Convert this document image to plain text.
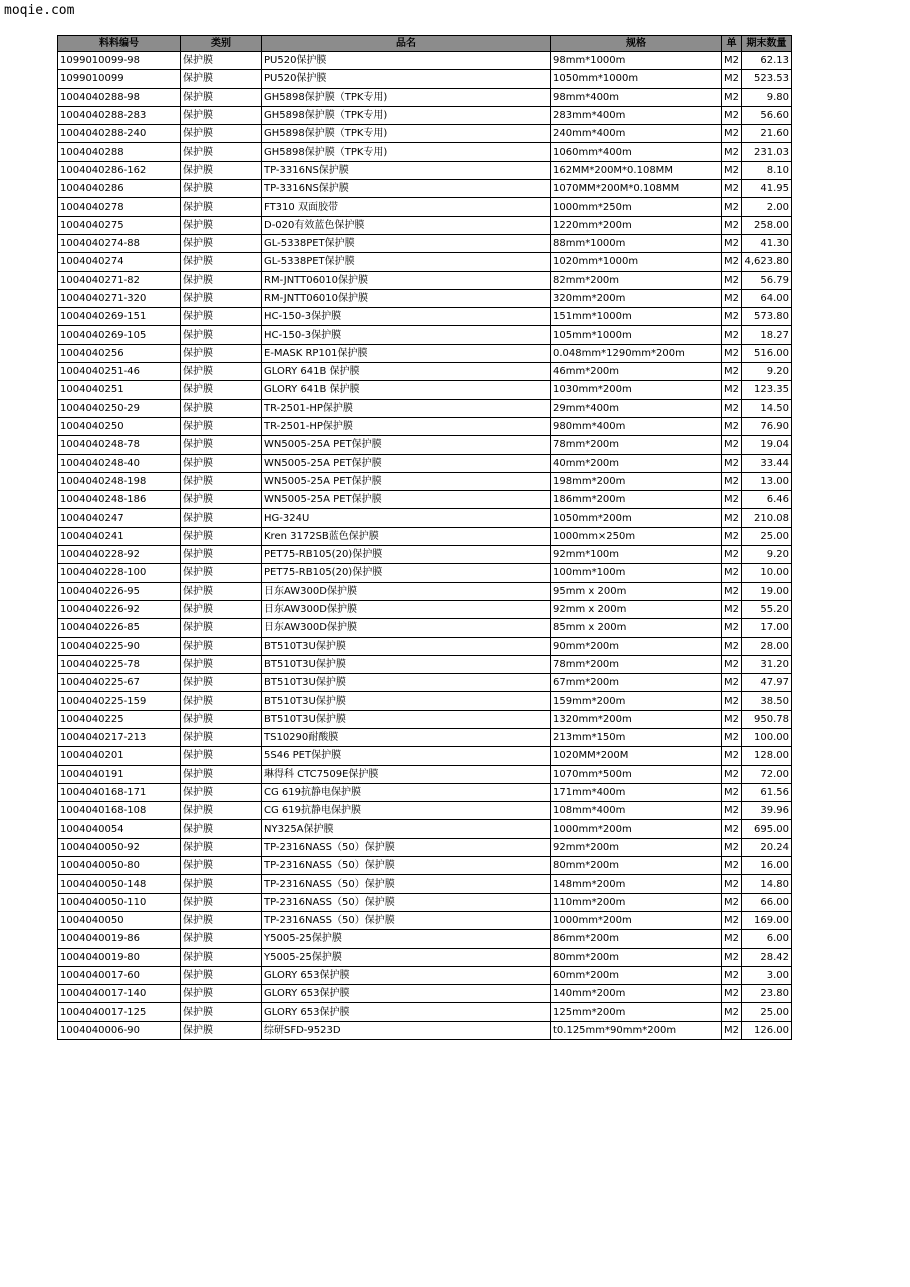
moqie.com
料料编号	类别	品名	规格	单	期末数量
1099010099-98	保护膜	PU520保护膜	98mm*1000m	M2	62.13
1099010099	保护膜	PU520保护膜	1050mm*1000m	M2	523.53
1004040288-98	保护膜	GH5898保护膜（TPK专用)	98mm*400m	M2	9.80
1004040288-283	保护膜	GH5898保护膜（TPK专用)	283mm*400m	M2	56.60
1004040288-240	保护膜	GH5898保护膜（TPK专用)	240mm*400m	M2	21.60
1004040288	保护膜	GH5898保护膜（TPK专用)	1060mm*400m	M2	231.03
1004040286-162	保护膜	TP-3316NS保护膜	162MM*200M*0.108MM	M2	8.10
1004040286	保护膜	TP-3316NS保护膜	1070MM*200M*0.108MM	M2	41.95
1004040278	保护膜	FT310 双面胶带	1000mm*250m	M2	2.00
1004040275	保护膜	D-020有效蓝色保护膜	1220mm*200m	M2	258.00
1004040274-88	保护膜	GL-5338PET保护膜	88mm*1000m	M2	41.30
1004040274	保护膜	GL-5338PET保护膜	1020mm*1000m	M2	4,623.80
1004040271-82	保护膜	RM-JNTT06010保护膜	82mm*200m	M2	56.79
1004040271-320	保护膜	RM-JNTT06010保护膜	320mm*200m	M2	64.00
1004040269-151	保护膜	HC-150-3保护膜	151mm*1000m	M2	573.80
1004040269-105	保护膜	HC-150-3保护膜	105mm*1000m	M2	18.27
1004040256	保护膜	E-MASK RP101保护膜	0.048mm*1290mm*200m	M2	516.00
1004040251-46	保护膜	GLORY 641B 保护膜	46mm*200m	M2	9.20
1004040251	保护膜	GLORY 641B 保护膜	1030mm*200m	M2	123.35
1004040250-29	保护膜	TR-2501-HP保护膜	29mm*400m	M2	14.50
1004040250	保护膜	TR-2501-HP保护膜	980mm*400m	M2	76.90
1004040248-78	保护膜	WN5005-25A PET保护膜	78mm*200m	M2	19.04
1004040248-40	保护膜	WN5005-25A PET保护膜	40mm*200m	M2	33.44
1004040248-198	保护膜	WN5005-25A PET保护膜	198mm*200m	M2	13.00
1004040248-186	保护膜	WN5005-25A PET保护膜	186mm*200m	M2	6.46
1004040247	保护膜	HG-324U	1050mm*200m	M2	210.08
1004040241	保护膜	Kren 3172SB蓝色保护膜	1000mm×250m	M2	25.00
1004040228-92	保护膜	PET75-RB105(20)保护膜	92mm*100m	M2	9.20
1004040228-100	保护膜	PET75-RB105(20)保护膜	100mm*100m	M2	10.00
1004040226-95	保护膜	日东AW300D保护膜	95mm x 200m	M2	19.00
1004040226-92	保护膜	日东AW300D保护膜	92mm x 200m	M2	55.20
1004040226-85	保护膜	日东AW300D保护膜	85mm x 200m	M2	17.00
1004040225-90	保护膜	BT510T3U保护膜	90mm*200m	M2	28.00
1004040225-78	保护膜	BT510T3U保护膜	78mm*200m	M2	31.20
1004040225-67	保护膜	BT510T3U保护膜	67mm*200m	M2	47.97
1004040225-159	保护膜	BT510T3U保护膜	159mm*200m	M2	38.50
1004040225	保护膜	BT510T3U保护膜	1320mm*200m	M2	950.78
1004040217-213	保护膜	TS10290耐酸膜	213mm*150m	M2	100.00
1004040201	保护膜	5S46 PET保护膜	1020MM*200M	M2	128.00
1004040191	保护膜	琳得科 CTC7509E保护膜	1070mm*500m	M2	72.00
1004040168-171	保护膜	CG 619抗静电保护膜	171mm*400m	M2	61.56
1004040168-108	保护膜	CG 619抗静电保护膜	108mm*400m	M2	39.96
1004040054	保护膜	NY325A保护膜	1000mm*200m	M2	695.00
1004040050-92	保护膜	TP-2316NASS（50）保护膜	92mm*200m	M2	20.24
1004040050-80	保护膜	TP-2316NASS（50）保护膜	80mm*200m	M2	16.00
1004040050-148	保护膜	TP-2316NASS（50）保护膜	148mm*200m	M2	14.80
1004040050-110	保护膜	TP-2316NASS（50）保护膜	110mm*200m	M2	66.00
1004040050	保护膜	TP-2316NASS（50）保护膜	1000mm*200m	M2	169.00
1004040019-86	保护膜	Y5005-25保护膜	86mm*200m	M2	6.00
1004040019-80	保护膜	Y5005-25保护膜	80mm*200m	M2	28.42
1004040017-60	保护膜	GLORY 653保护膜	60mm*200m	M2	3.00
1004040017-140	保护膜	GLORY 653保护膜	140mm*200m	M2	23.80
1004040017-125	保护膜	GLORY 653保护膜	125mm*200m	M2	25.00
1004040006-90	保护膜	综研SFD-9523D	t0.125mm*90mm*200m	M2	126.00
